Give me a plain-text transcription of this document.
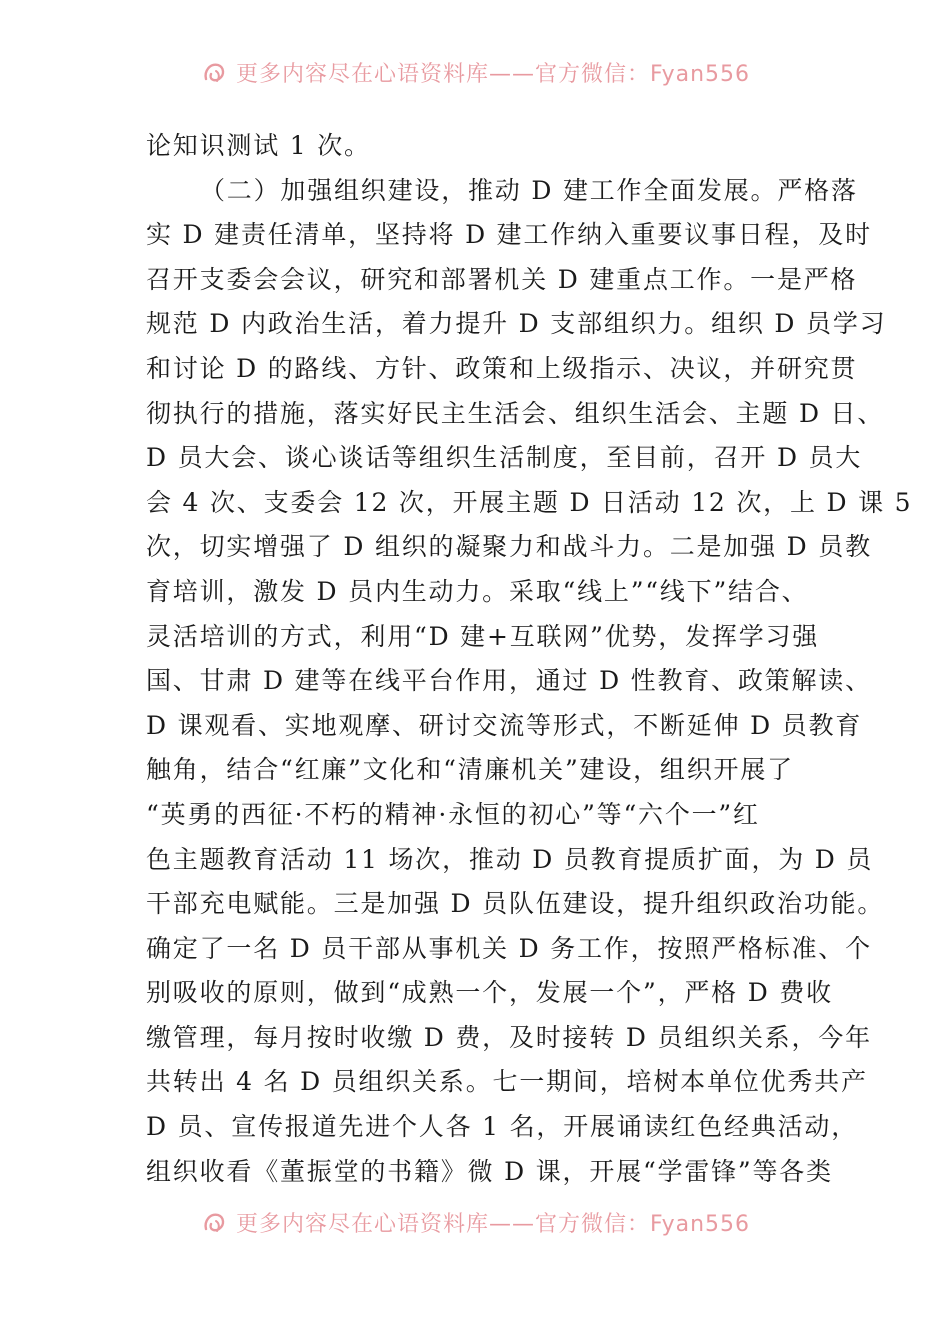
更多内容尽在心语资料库——官方微信：Fyan556
论知识测试 1 次。
（二）加强组织建设，推动 D 建工作全面发展。严格落
实 D 建责任清单，坚持将 D 建工作纳入重要议事日程，及时
召开支委会会议，研究和部署机关 D 建重点工作。一是严格
规范 D 内政治生活，着力提升 D 支部组织力。组织 D 员学习
和讨论 D 的路线、方针、政策和上级指示、决议，并研究贯
彻执行的措施，落实好民主生活会、组织生活会、主题 D 日、
D 员大会、谈心谈话等组织生活制度，至目前，召开 D 员大
会 4 次、支委会 12 次，开展主题 D 日活动 12 次，上 D 课 5
次，切实增强了 D 组织的凝聚力和战斗力。二是加强 D 员教
育培训，激发 D 员内生动力。采取“线上”“线下”结合、
灵活培训的方式，利用“D 建+互联网”优势，发挥学习强
国、甘肃 D 建等在线平台作用，通过 D 性教育、政策解读、
D 课观看、实地观摩、研讨交流等形式，不断延伸 D 员教育
触角，结合“红廉”文化和“清廉机关”建设，组织开展了
“英勇的西征·不朽的精神·永恒的初心”等“六个一”红
色主题教育活动 11 场次，推动 D 员教育提质扩面，为 D 员
干部充电赋能。三是加强 D 员队伍建设，提升组织政治功能。
确定了一名 D 员干部从事机关 D 务工作，按照严格标准、个
别吸收的原则，做到“成熟一个，发展一个”，严格 D 费收
缴管理，每月按时收缴 D 费，及时接转 D 员组织关系，今年
共转出 4 名 D 员组织关系。七一期间，培树本单位优秀共产
D 员、宣传报道先进个人各 1 名，开展诵读红色经典活动，
组织收看《董振堂的书籍》微 D 课，开展“学雷锋”等各类
更多内容尽在心语资料库——官方微信：Fyan556
